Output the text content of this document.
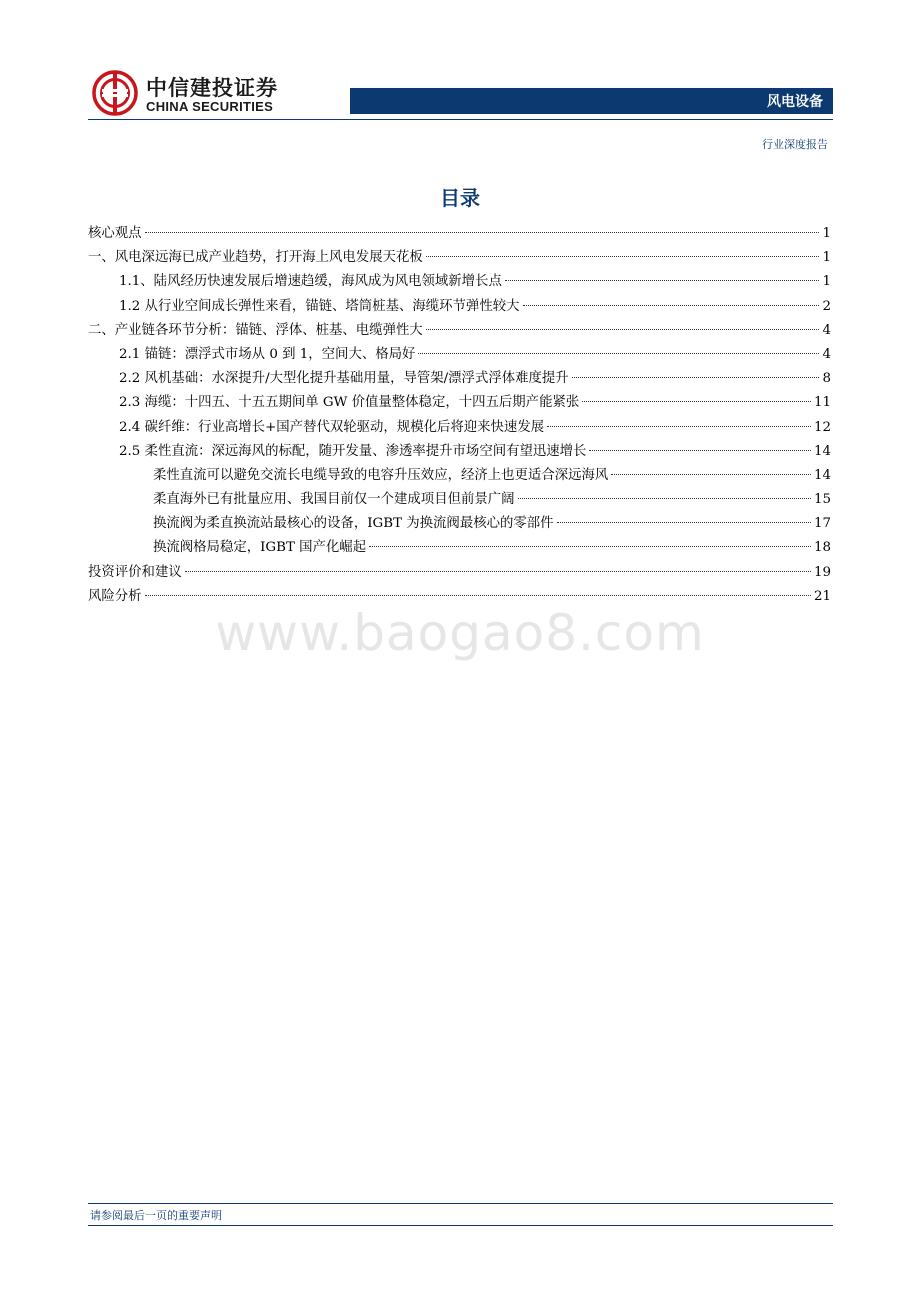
中信建投证券
CHINA SECURITIES	风电设备
行业深度报告
目录
核心观点	1
一、风电深远海已成产业趋势，打开海上风电发展天花板	1
1.1、陆风经历快速发展后增速趋缓，海风成为风电领域新增长点	1
1.2 从行业空间成长弹性来看，锚链、塔筒桩基、海缆环节弹性较大	2
二、产业链各环节分析：锚链、浮体、桩基、电缆弹性大	4
2.1 锚链：漂浮式市场从 0 到 1，空间大、格局好	4
2.2 风机基础：水深提升/大型化提升基础用量，导管架/漂浮式浮体难度提升	8
2.3 海缆：十四五、十五五期间单 GW 价值量整体稳定，十四五后期产能紧张	11
2.4 碳纤维：行业高增长+国产替代双轮驱动，规模化后将迎来快速发展	12
2.5 柔性直流：深远海风的标配，随开发量、渗透率提升市场空间有望迅速增长	14
柔性直流可以避免交流长电缆导致的电容升压效应，经济上也更适合深远海风	14
柔直海外已有批量应用、我国目前仅一个建成项目但前景广阔	15
换流阀为柔直换流站最核心的设备，IGBT 为换流阀最核心的零部件	17
换流阀格局稳定，IGBT 国产化崛起	18
投资评价和建议	19
风险分析	21
www.baogao8.com
请参阅最后一页的重要声明
